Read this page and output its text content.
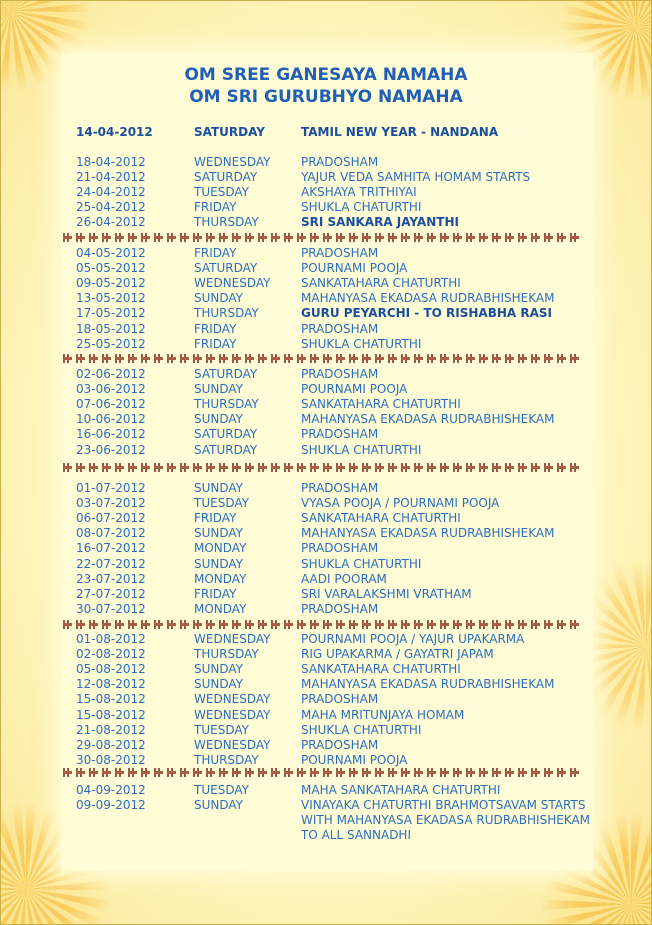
OM SREE GANESAYA NAMAHA
OM SRI GURUBHYO NAMAHA
14-04-2012	SATURDAY	TAMIL NEW YEAR - NANDANA
18-04-2012	WEDNESDAY	PRADOSHAM
21-04-2012	SATURDAY	YAJUR VEDA SAMHITA HOMAM STARTS
24-04-2012	TUESDAY	AKSHAYA TRITHIYAI
25-04-2012	FRIDAY	SHUKLA CHATURTHI
26-04-2012	THURSDAY	SRI SANKARA JAYANTHI
04-05-2012	FRIDAY	PRADOSHAM
05-05-2012	SATURDAY	POURNAMI POOJA
09-05-2012	WEDNESDAY	SANKATAHARA CHATURTHI
13-05-2012	SUNDAY	MAHANYASA EKADASA RUDRABHISHEKAM
17-05-2012	THURSDAY	GURU PEYARCHI - TO RISHABHA RASI
18-05-2012	FRIDAY	PRADOSHAM
25-05-2012	FRIDAY	SHUKLA CHATURTHI
02-06-2012	SATURDAY	PRADOSHAM
03-06-2012	SUNDAY	POURNAMI POOJA
07-06-2012	THURSDAY	SANKATAHARA CHATURTHI
10-06-2012	SUNDAY	MAHANYASA EKADASA RUDRABHISHEKAM
16-06-2012	SATURDAY	PRADOSHAM
23-06-2012	SATURDAY	SHUKLA CHATURTHI
01-07-2012	SUNDAY	PRADOSHAM
03-07-2012	TUESDAY	VYASA POOJA / POURNAMI POOJA
06-07-2012	FRIDAY	SANKATAHARA CHATURTHI
08-07-2012	SUNDAY	MAHANYASA EKADASA RUDRABHISHEKAM
16-07-2012	MONDAY	PRADOSHAM
22-07-2012	SUNDAY	SHUKLA CHATURTHI
23-07-2012	MONDAY	AADI POORAM
27-07-2012	FRIDAY	SRI VARALAKSHMI VRATHAM
30-07-2012	MONDAY	PRADOSHAM
01-08-2012	WEDNESDAY	POURNAMI POOJA / YAJUR UPAKARMA
02-08-2012	THURSDAY	RIG UPAKARMA / GAYATRI JAPAM
05-08-2012	SUNDAY	SANKATAHARA CHATURTHI
12-08-2012	SUNDAY	MAHANYASA EKADASA RUDRABHISHEKAM
15-08-2012	WEDNESDAY	PRADOSHAM
15-08-2012	WEDNESDAY	MAHA MRITUNJAYA HOMAM
21-08-2012	TUESDAY	SHUKLA CHATURTHI
29-08-2012	WEDNESDAY	PRADOSHAM
30-08-2012	THURSDAY	POURNAMI POOJA
04-09-2012	TUESDAY	MAHA SANKATAHARA CHATURTHI
09-09-2012	SUNDAY	VINAYAKA CHATURTHI BRAHMOTSAVAM STARTS
WITH MAHANYASA EKADASA RUDRABHISHEKAM
TO ALL SANNADHI
